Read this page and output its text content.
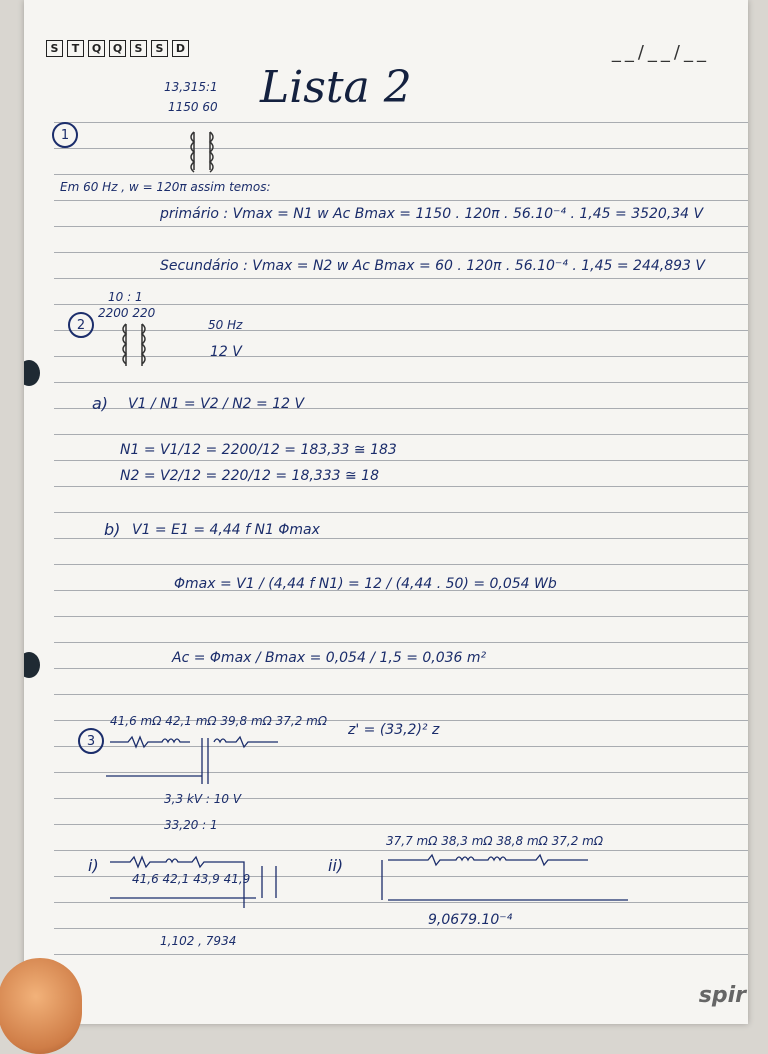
S	T	Q	Q	S	S	D	__/__/__
13,315:1
1150 60 Lista 2
1
Em 60 Hz , w = 120π assim temos:
primário : Vmax = N1 w Ac Bmax = 1150 . 120π . 56.10⁻⁴ . 1,45 = 3520,34 V
Secundário : Vmax = N2 w Ac Bmax = 60 . 120π . 56.10⁻⁴ . 1,45 = 244,893 V
10 : 1
2
2200 220
50 Hz
12 V
a) V1 / N1 = V2 / N2 = 12 V
N1 = V1/12 = 2200/12 = 183,33 ≅ 183
N2 = V2/12 = 220/12 = 18,333 ≅ 18
b) V1 = E1 = 4,44 f N1 Φmax
Φmax = V1 / (4,44 f N1) = 12 / (4,44 . 50) = 0,054 Wb
Ac = Φmax / Bmax = 0,054 / 1,5 = 0,036 m²
3
41,6 mΩ 42,1 mΩ 39,8 mΩ 37,2 mΩ
z' = (33,2)² z
3,3 kV : 10 V
33,20 : 1
i)
41,6 42,1 43,9 41,9
1,102 , 7934
ii)
37,7 mΩ 38,3 mΩ 38,8 mΩ 37,2 mΩ
9,0679.10⁻⁴
spir
